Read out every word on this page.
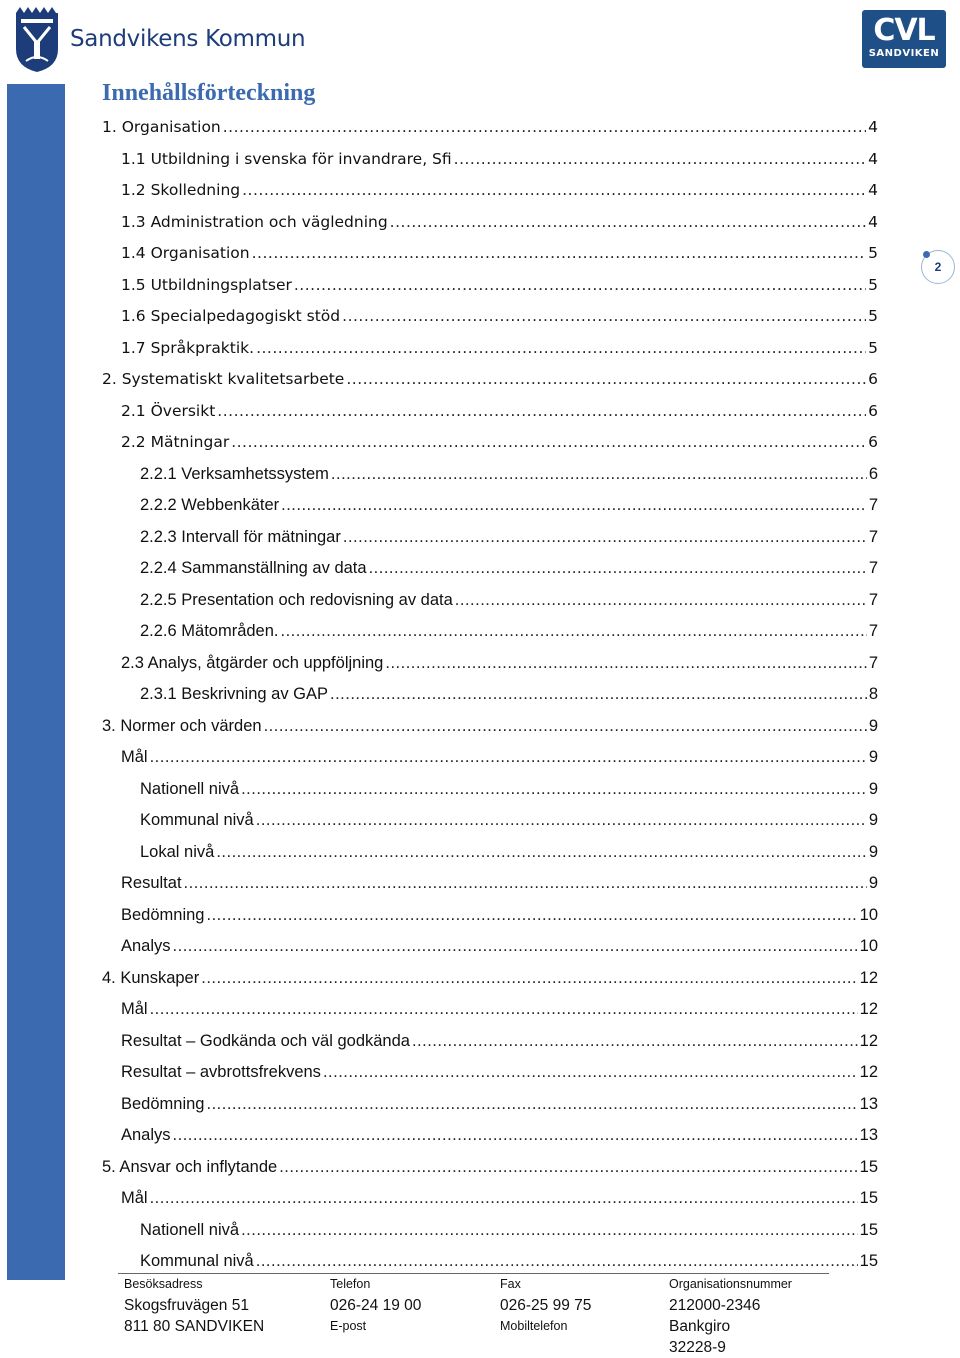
Sandvikens Kommun	CVL
SANDVIKEN
Innehållsförteckning
1. Organisation .....	4
1.1 Utbildning i svenska för invandrare, Sfi .....	4
1.2 Skolledning .....	4
1.3 Administration och vägledning .....	4
1.4 Organisation .....	5
1.5 Utbildningsplatser .....	5
1.6 Specialpedagogiskt stöd .....	5
1.7 Språkpraktik. .....	5
2. Systematiskt kvalitetsarbete .....	6
2.1 Översikt .....	6
2.2 Mätningar .....	6
2.2.1 Verksamhetssystem .....	6
2.2.2 Webbenkäter .....	7
2.2.3 Intervall för mätningar .....	7
2.2.4 Sammanställning av data .....	7
2.2.5 Presentation och redovisning av data .....	7
2.2.6 Mätområden. .....	7
2.3 Analys, åtgärder och uppföljning .....	7
2.3.1 Beskrivning av GAP .....	8
3. Normer och värden .....	9
Mål .....	9
Nationell nivå .....	9
Kommunal nivå .....	9
Lokal nivå .....	9
Resultat .....	9
Bedömning .....	10
Analys .....	10
4. Kunskaper .....	12
Mål .....	12
Resultat – Godkända och väl godkända .....	12
Resultat – avbrottsfrekvens .....	12
Bedömning .....	13
Analys .....	13
5. Ansvar och inflytande .....	15
Mål .....	15
Nationell nivå .....	15
Kommunal nivå .....	15
2
Besöksadress
Skogsfruvägen 51
811 80 SANDVIKEN
Telefon
026-24 19 00
E-post
Fax
026-25 99 75
Mobiltelefon
Organisationsnummer
212000-2346
Bankgiro
32228-9
